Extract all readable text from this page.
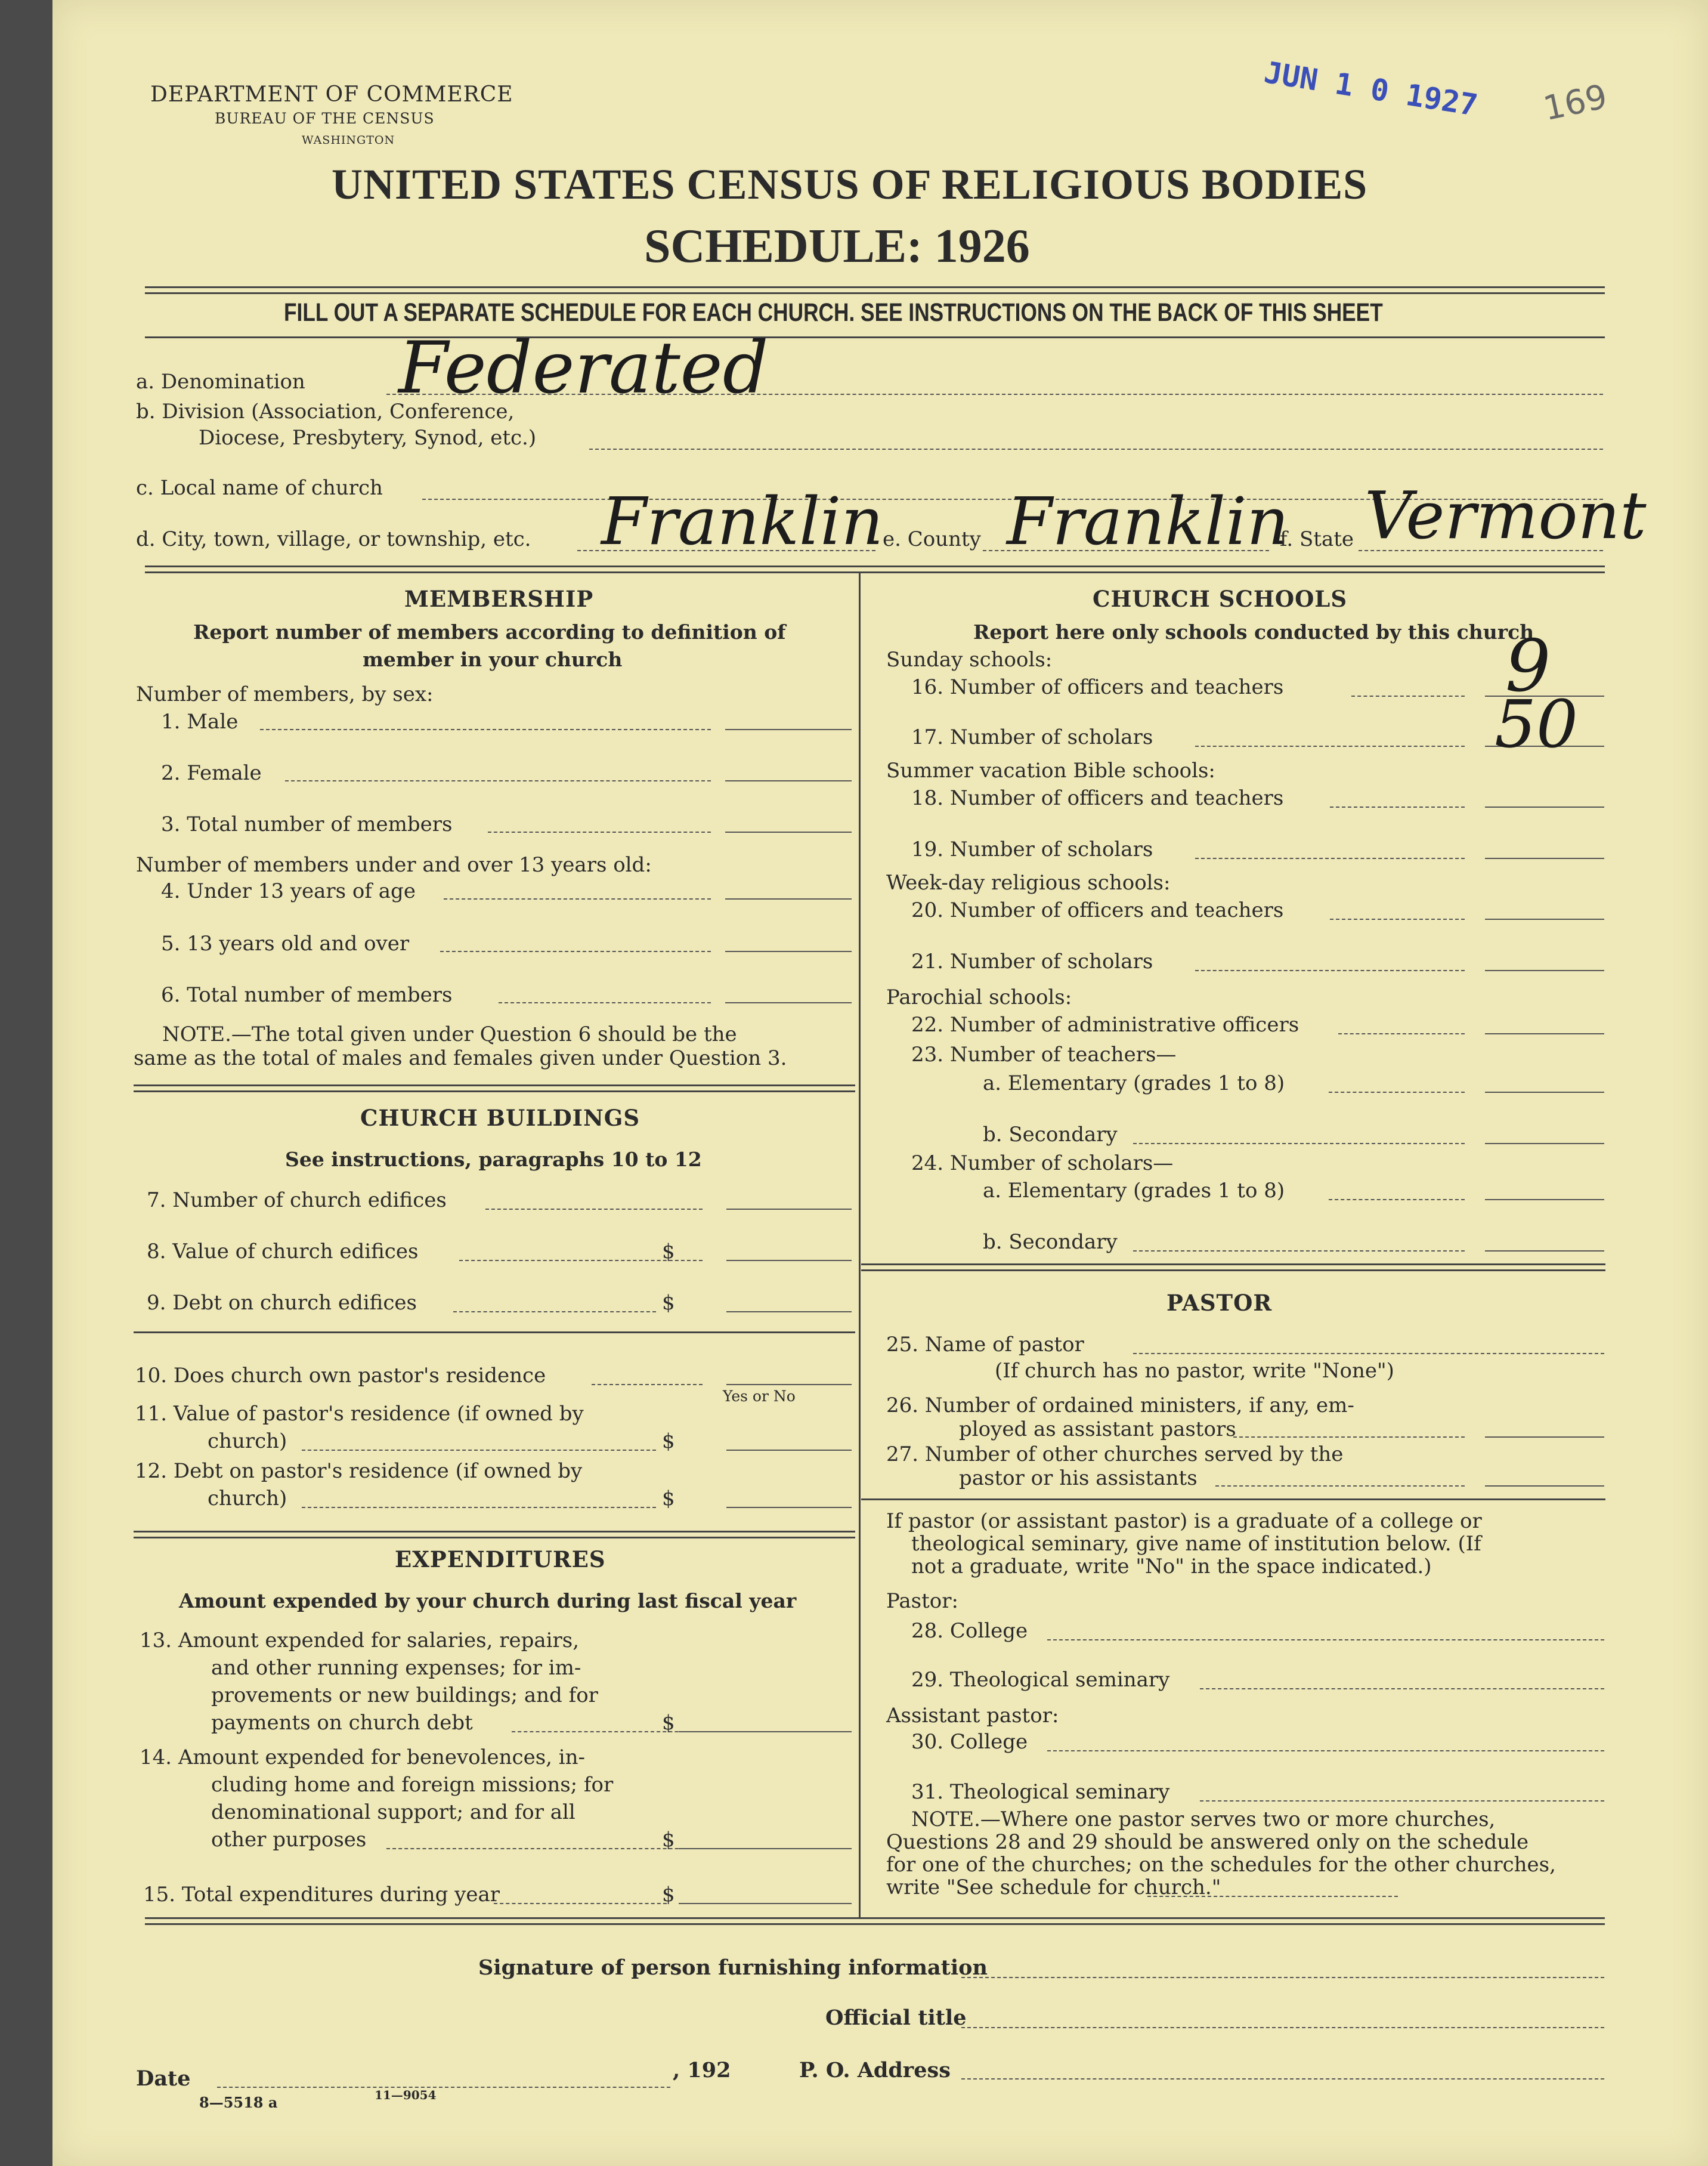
DEPARTMENT OF COMMERCE
BUREAU OF THE CENSUS
WASHINGTON
JUN 1 0 1927 169
UNITED STATES CENSUS OF RELIGIOUS BODIES
SCHEDULE: 1926
FILL OUT A SEPARATE SCHEDULE FOR EACH CHURCH. SEE INSTRUCTIONS ON THE BACK OF THIS SHEET
a. Denomination Federated
b. Division (Association, Conference,
Diocese, Presbytery, Synod, etc.)
c. Local name of church
d. City, town, village, or township, etc. Franklin
e. County Franklin
f. State Vermont
MEMBERSHIP
Report number of members according to definition of
member in your church
Number of members, by sex:
1. Male
2. Female
3. Total number of members
Number of members under and over 13 years old:
4. Under 13 years of age
5. 13 years old and over
6. Total number of members
NOTE.—The total given under Question 6 should be the
same as the total of males and females given under Question 3.
CHURCH BUILDINGS
See instructions, paragraphs 10 to 12
7. Number of church edifices
8. Value of church edifices	$
9. Debt on church edifices	$
10. Does church own pastor's residence
Yes or No
11. Value of pastor's residence (if owned by
church)	$
12. Debt on pastor's residence (if owned by
church)	$
EXPENDITURES
Amount expended by your church during last fiscal year
13. Amount expended for salaries, repairs,
and other running expenses; for im-
provements or new buildings; and for
payments on church debt	$
14. Amount expended for benevolences, in-
cluding home and foreign missions; for
denominational support; and for all
other purposes	$
15. Total expenditures during year	$
CHURCH SCHOOLS
Report here only schools conducted by this church
Sunday schools:
16. Number of officers and teachers	9
17. Number of scholars	50
Summer vacation Bible schools:
18. Number of officers and teachers
19. Number of scholars
Week-day religious schools:
20. Number of officers and teachers
21. Number of scholars
Parochial schools:
22. Number of administrative officers
23. Number of teachers—
a. Elementary (grades 1 to 8)
b. Secondary
24. Number of scholars—
a. Elementary (grades 1 to 8)
b. Secondary
PASTOR
25. Name of pastor
(If church has no pastor, write "None")
26. Number of ordained ministers, if any, em-
ployed as assistant pastors
27. Number of other churches served by the
pastor or his assistants
If pastor (or assistant pastor) is a graduate of a college or
theological seminary, give name of institution below. (If
not a graduate, write "No" in the space indicated.)
Pastor:
28. College
29. Theological seminary
Assistant pastor:
30. College
31. Theological seminary
NOTE.—Where one pastor serves two or more churches,
Questions 28 and 29 should be answered only on the schedule
for one of the churches; on the schedules for the other churches,
write "See schedule for church."
Signature of person furnishing information
Official title
Date	, 192	P. O. Address
8—5518 a	11—9054
